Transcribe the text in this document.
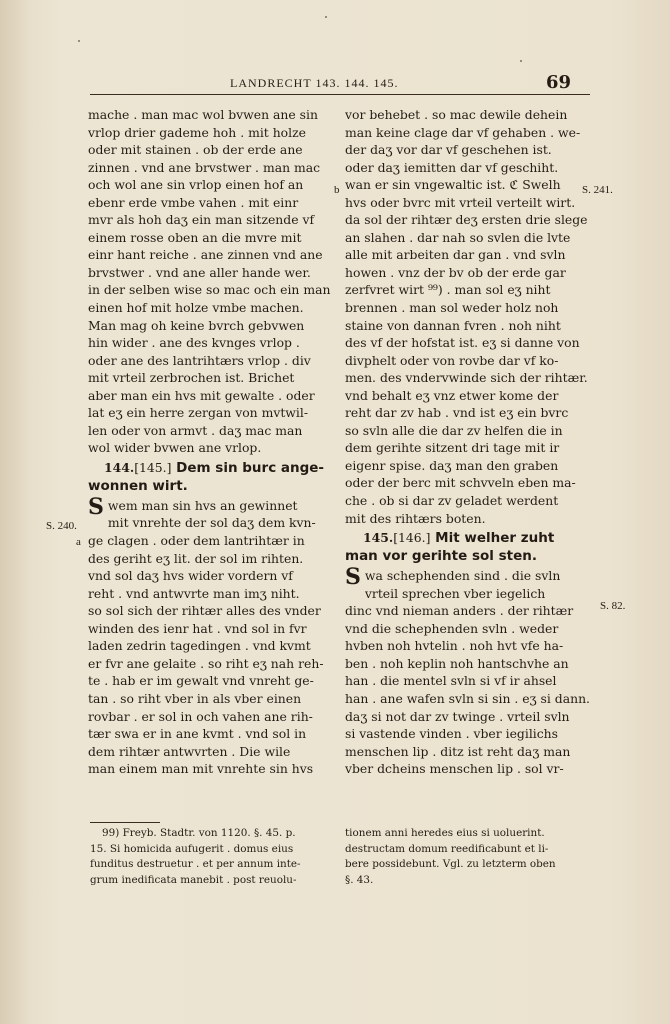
LANDRECHT 143. 144. 145.	69
mache . man mac wol bvwen ane sin
vrlop drier gademe hoh . mit holze
oder mit stainen . ob der erde ane
zinnen . vnd ane brvstwer . man mac
och wol ane sin vrlop einen hof an
ebenr erde vmbe vahen . mit einr
mvr als hoh daʒ ein man sitzende vf
einem rosse oben an die mvre mit
einr hant reiche . ane zinnen vnd ane
brvstwer . vnd ane aller hande wer.
in der selben wise so mac och ein man
einen hof mit holze vmbe machen.
Man mag oh keine bvrch gebvwen
hin wider . ane des kvnges vrlop .
oder ane des lantrihtærs vrlop . div
mit vrteil zerbrochen ist. Brichet
aber man ein hvs mit gewalte . oder
lat eʒ ein herre zergan von mvtwil-
len oder von armvt . daʒ mac man
wol wider bvwen ane vrlop.
144.[145.] Dem sin burc ange-
wonnen wirt.
S wem man sin hvs an gewinnet
mit vnrehte der sol daʒ dem kvn-
ge clagen . oder dem lantrihtær in
des geriht eʒ lit. der sol im rihten.
vnd sol daʒ hvs wider vordern vf
reht . vnd antwvrte man imʒ niht.
so sol sich der rihtær alles des vnder
winden des ienr hat . vnd sol in fvr
laden zedrin tagedingen . vnd kvmt
er fvr ane gelaite . so riht eʒ nah reh-
te . hab er im gewalt vnd vnreht ge-
tan . so riht vber in als vber einen
rovbar . er sol in och vahen ane rih-
tær swa er in ane kvmt . vnd sol in
dem rihtær antwvrten . Die wile
man einem man mit vnrehte sin hvs
vor behebet . so mac dewile dehein
man keine clage dar vf gehaben . we-
der daʒ vor dar vf geschehen ist.
oder daʒ iemitten dar vf geschiht.
wan er sin vngewaltic ist. ℭ Swelh
hvs oder bvrc mit vrteil verteilt wirt.
da sol der rihtær deʒ ersten drie slege
an slahen . dar nah so svlen die lvte
alle mit arbeiten dar gan . vnd svln
howen . vnz der bv ob der erde gar
zerfvret wirt ⁹⁹) . man sol eʒ niht
brennen . man sol weder holz noh
staine von dannan fvren . noh niht
des vf der hofstat ist. eʒ si danne von
divphelt oder von rovbe dar vf ko-
men. des vndervwinde sich der rihtær.
vnd behalt eʒ vnz etwer kome der
reht dar zv hab . vnd ist eʒ ein bvrc
so svln alle die dar zv helfen die in
dem gerihte sitzent dri tage mit ir
eigenr spise. daʒ man den graben
oder der berc mit schvveln eben ma-
che . ob si dar zv geladet werdent
mit des rihtærs boten.
145.[146.] Mit welher zuht
man vor gerihte sol sten.
S wa schephenden sind . die svln
vrteil sprechen vber iegelich
dinc vnd nieman anders . der rihtær
vnd die schephenden svln . weder
hvben noh hvtelin . noh hvt vfe ha-
ben . noh keplin noh hantschvhe an
han . die mentel svln si vf ir ahsel
han . ane wafen svln si sin . eʒ si dann.
daʒ si not dar zv twinge . vrteil svln
si vastende vinden . vber iegilichs
menschen lip . ditz ist reht daʒ man
vber dcheins menschen lip . sol vr-
S. 240.
a
b	S. 241.
S. 82.
99) Freyb. Stadtr. von 1120. §. 45. p.
15. Si homicida aufugerit . domus eius
funditus destruetur . et per annum inte-
grum inedificata manebit . post reuolu-
tionem anni heredes eius si uoluerint.
destructam domum reedificabunt et li-
bere possidebunt. Vgl. zu letzterm oben
§. 43.
